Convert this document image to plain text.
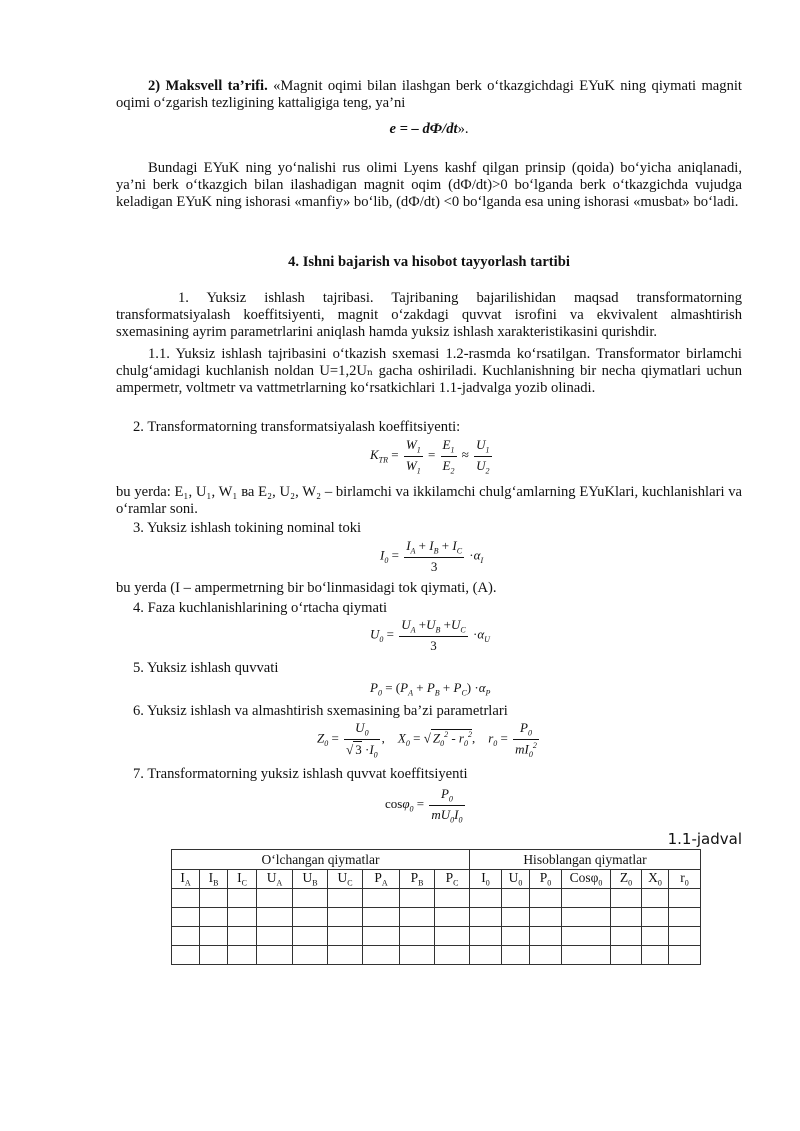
2) Maksvell ta’rifi. «Magnit oqimi bilan ilashgan berk o‘tkazgichdagi EYuK ning qiymati magnit oqimi o‘zgarish tezligining kattaligiga teng, ya’ni
e = – dФ/dt».
Bundagi EYuK ning yo‘nalishi rus olimi Lyens kashf qilgan prinsip (qoida) bo‘yicha aniqlanadi, ya’ni berk o‘tkazgich bilan ilashadigan magnit oqim (dФ/dt)>0 bo‘lganda berk o‘tkazgichda vujudga keladigan EYuK ning ishorasi «manfiy» bo‘lib, (dФ/dt) <0 bo‘lganda esa uning ishorasi «musbat» bo‘ladi.
4. Ishni bajarish va hisobot tayyorlash tartibi
1. Yuksiz ishlash tajribasi. Tajribaning bajarilishidan maqsad transformatorning transformatsiyalash koeffitsiyenti, magnit o‘zakdagi quvvat isrofini va ekvivalent almashtirish sxemasining ayrim parametrlarini aniqlash hamda yuksiz ishlash xarakteristikasini qurishdir.
1.1. Yuksiz ishlash tajribasini o‘tkazish sxemasi 1.2-rasmda ko‘rsatilgan. Transformator birlamchi chulg‘amidagi kuchlanish noldan U=1,2Uₙ gacha oshiriladi. Kuchlanishning bir necha qiymatlari uchun ampermetr, voltmetr va vattmetrlarning ko‘rsatkichlari 1.1-jadvalga yozib olinadi.
2. Transformatorning transformatsiyalash koeffitsiyenti:
$K_{TR} = \frac{W_1}{W_1} = \frac{E_1}{E_2} \approx \frac{U_1}{U_2}$
bu yerda: E₁, U₁, W₁ ва E₂, U₂, W₂ – birlamchi va ikkilamchi chulg‘amlarning EYuKlari, kuchlanishlari va o‘ramlar soni.
3. Yuksiz ishlash tokining nominal toki
$I_0 = \frac{I_A + I_B + I_C}{3} \cdot\alpha_I$
bu yerda (I – ampermetrning bir bo‘linmasidagi tok qiymati, (A).
4. Faza kuchlanishlarining o‘rtacha qiymati
$U_0 = \frac{U_A +U_B +U_C}{3} \cdot\alpha_U$
5. Yuksiz ishlash quvvati
$P_0 = (P_A + P_B + P_C) \cdot\alpha_P$
6. Yuksiz ishlash va almashtirish sxemasining ba’zi parametrlari
$Z_0 = \frac{U_0}{√ 3 \cdot I_0}$ ,    $X_0$ = √ $Z_0^2 - r_0^2$,    $r_0 = \frac{P_0}{mI_0^2}$
7. Transformatorning yuksiz ishlash quvvat koeffitsiyenti
$\cos\varphi_0 = \frac{P_0}{mU_0I_0}$
1.1-jadval
O‘lchangan qiymatlar									Hisoblangan qiymatlar						
$I_A$	$I_B$	$I_C$	$U_A$	$U_B$	$U_C$	$P_A$	$P_B$	$P_C$	$I_0$	$U_0$	$P_0$	Cosφ$_0$	$Z_0$	$X_0$	$r_0$
